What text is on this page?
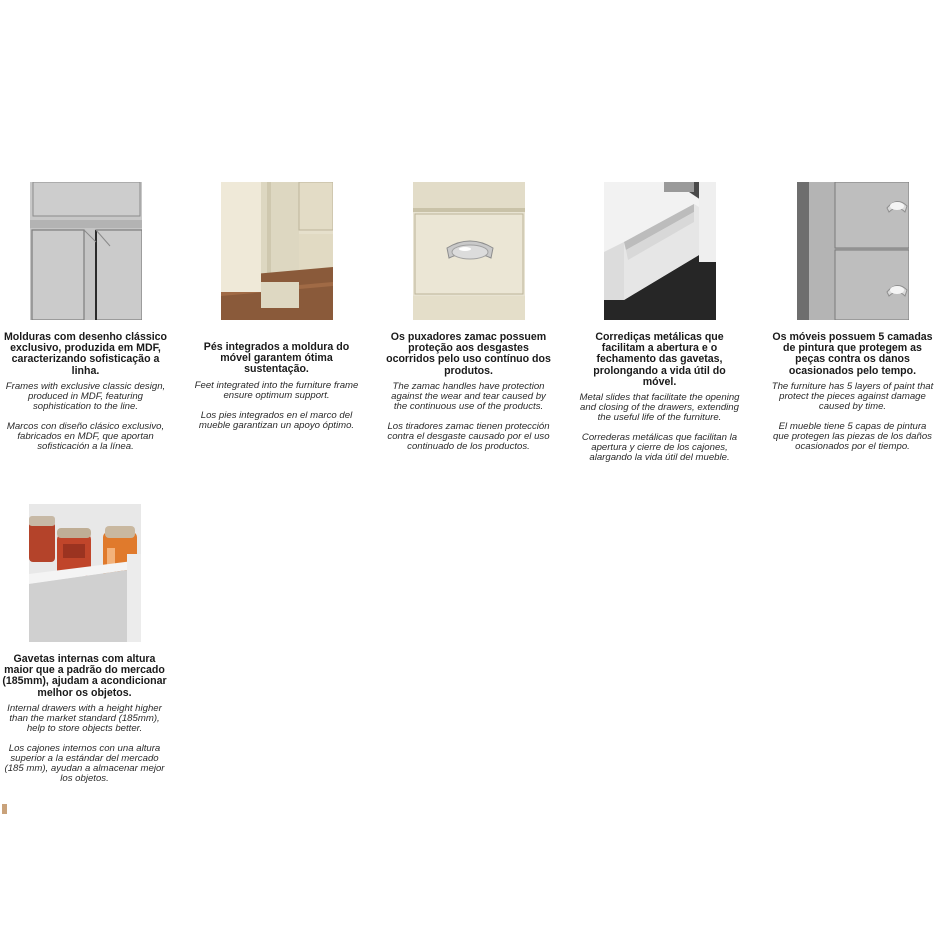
Molduras com desenho clássico exclusivo, produzida em MDF, caracterizando sofisticação a linha.
Frames with exclusive classic design, produced in MDF, featuring sophistication to the line.
Marcos con diseño clásico exclusivo, fabricados en MDF, que aportan sofisticación a la línea.
Pés integrados a moldura do móvel garantem ótima sustentação.
Feet integrated into the furniture frame ensure optimum support.
Los pies integrados en el marco del mueble garantizan un apoyo óptimo.
Os puxadores zamac possuem proteção aos desgastes ocorridos pelo uso contínuo dos produtos.
The zamac handles have protection against the wear and tear caused by the continuous use of the products.
Los tiradores zamac tienen protección contra el desgaste causado por el uso continuado de los productos.
Corrediças metálicas que facilitam a abertura e o fechamento das gavetas, prolongando a vida útil do móvel.
Metal slides that facilitate the opening and closing of the drawers, extending the useful life of the furniture.
Correderas metálicas que facilitan la apertura y cierre de los cajones, alargando la vida útil del mueble.
Os móveis possuem 5 camadas de pintura que protegem as peças contra os danos ocasionados pelo tempo.
The furniture has 5 layers of paint that protect the pieces against damage caused by time.
El mueble tiene 5 capas de pintura que protegen las piezas de los daños ocasionados por el tiempo.
Gavetas internas com altura maior que a padrão do mercado (185mm), ajudam a acondicionar melhor os objetos.
Internal drawers with a height higher than the market standard (185mm), help to store objects better.
Los cajones internos con una altura superior a la estándar del mercado (185 mm), ayudan a almacenar mejor los objetos.
